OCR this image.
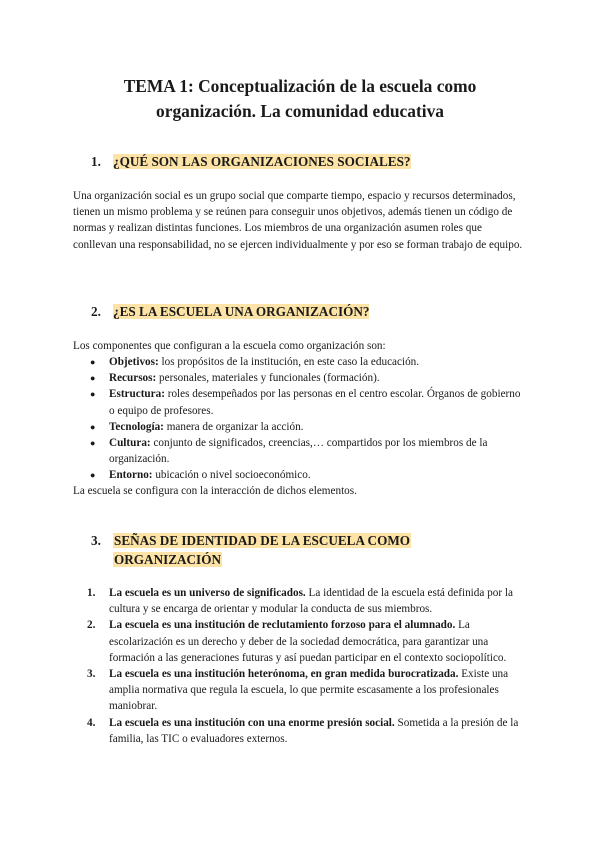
TEMA 1: Conceptualización de la escuela como
organización. La comunidad educativa
1. ¿QUÉ SON LAS ORGANIZACIONES SOCIALES?

Una organización social es un grupo social que comparte tiempo, espacio y recursos determinados, tienen un mismo problema y se reúnen para conseguir unos objetivos, además tienen un código de normas y realizan distintas funciones. Los miembros de una organización asumen roles que conllevan una responsabilidad, no se ejercen individualmente y por eso se forman trabajo de equipo.

2. ¿ES LA ESCUELA UNA ORGANIZACIÓN?

Los componentes que configuran a la escuela como organización son:

● Objetivos: los propósitos de la institución, en este caso la educación.
● Recursos: personales, materiales y funcionales (formación).
● Estructura: roles desempeñados por las personas en el centro escolar. Órganos de gobierno o equipo de profesores.
● Tecnología: manera de organizar la acción.
● Cultura: conjunto de significados, creencias,… compartidos por los miembros de la organización.
● Entorno: ubicación o nivel socioeconómico.

La escuela se configura con la interacción de dichos elementos.

3. SEÑAS DE IDENTIDAD DE LA ESCUELA COMO
ORGANIZACIÓN
1. La escuela es un universo de significados. La identidad de la escuela está definida por la cultura y se encarga de orientar y modular la conducta de sus miembros.
2. La escuela es una institución de reclutamiento forzoso para el alumnado. La escolarización es un derecho y deber de la sociedad democrática, para garantizar una formación a las generaciones futuras y así puedan participar en el contexto sociopolítico.
3. La escuela es una institución heterónoma, en gran medida burocratizada. Existe una amplia normativa que regula la escuela, lo que permite escasamente a los profesionales maniobrar.
4. La escuela es una institución con una enorme presión social. Sometida a la presión de la familia, las TIC o evaluadores externos.
